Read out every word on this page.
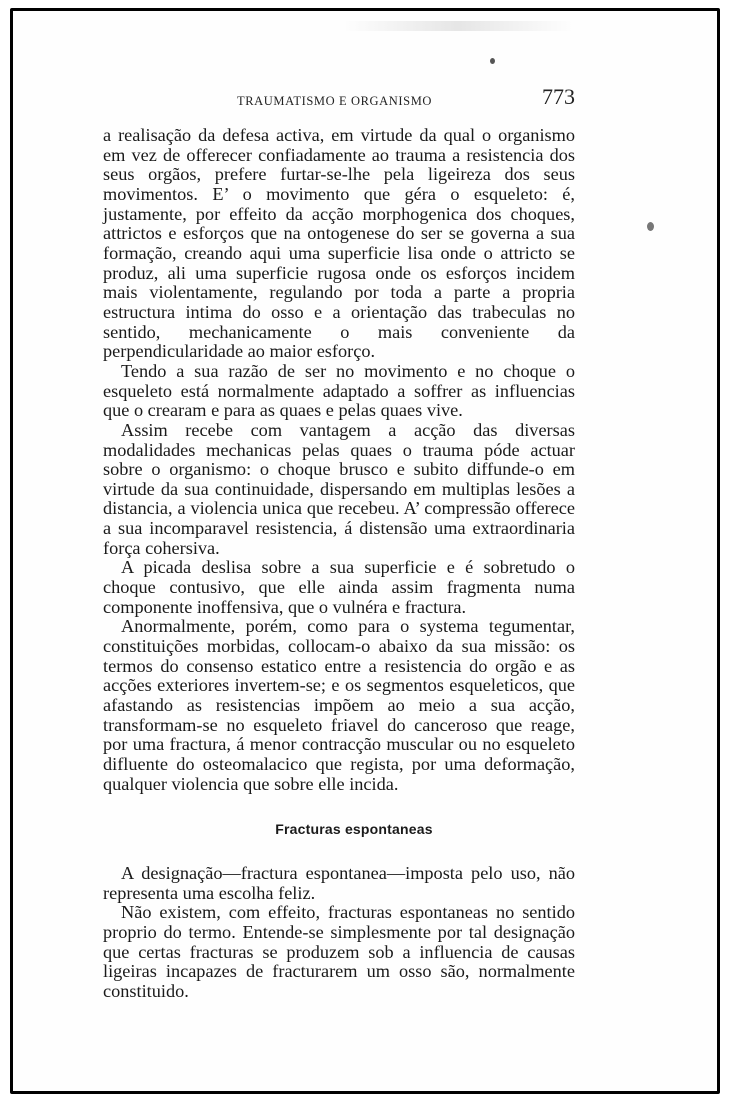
TRAUMATISMO E ORGANISMO	773

a realisação da defesa activa, em virtude da qual o organismo em vez de offerecer confiadamente ao trauma a resistencia dos seus orgãos, prefere furtar-se-lhe pela ligeireza dos seus movimentos. E’ o movimento que géra o esqueleto: é, justamente, por effeito da acção morphogenica dos choques, attrictos e esforços que na ontogenese do ser se governa a sua formação, creando aqui uma superficie lisa onde o attricto se produz, ali uma superficie rugosa onde os esforços incidem mais violentamente, regulando por toda a parte a propria estructura intima do osso e a orientação das trabeculas no sentido, mechanicamente o mais conveniente da perpendicularidade ao maior esforço.

Tendo a sua razão de ser no movimento e no choque o esqueleto está normalmente adaptado a soffrer as influencias que o crearam e para as quaes e pelas quaes vive.

Assim recebe com vantagem a acção das diversas modalidades mechanicas pelas quaes o trauma póde actuar sobre o organismo: o choque brusco e subito diffunde-o em virtude da sua continuidade, dispersando em multiplas lesões a distancia, a violencia unica que recebeu. A’ compressão offerece a sua incomparavel resistencia, á distensão uma extraordinaria força cohersiva.

A picada deslisa sobre a sua superficie e é sobretudo o choque contusivo, que elle ainda assim fragmenta numa componente inoffensiva, que o vulnéra e fractura.

Anormalmente, porém, como para o systema tegumentar, constituições morbidas, collocam-o abaixo da sua missão: os termos do consenso estatico entre a resistencia do orgão e as acções exteriores invertem-se; e os segmentos esqueleticos, que afastando as resistencias impõem ao meio a sua acção, transformam-se no esqueleto friavel do canceroso que reage, por uma fractura, á menor contracção muscular ou no esqueleto difluente do osteomalacico que regista, por uma deformação, qualquer violencia que sobre elle incida.

Fracturas espontaneas

A designação—fractura espontanea—imposta pelo uso, não representa uma escolha feliz.

Não existem, com effeito, fracturas espontaneas no sentido proprio do termo. Entende-se simplesmente por tal designação que certas fracturas se produzem sob a influencia de causas ligeiras incapazes de fracturarem um osso são, normalmente constituido.
